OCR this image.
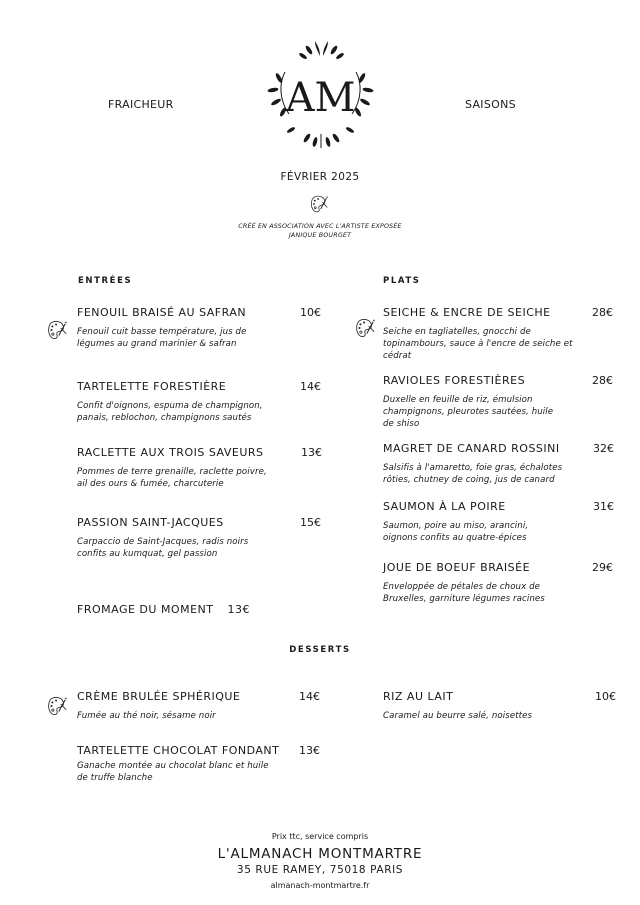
FRAICHEUR	SAISONS
AM
FÉVRIER 2025
CRÉÉ EN ASSOCIATION AVEC L'ARTISTE EXPOSÉE
JANIQUE BOURGET
ENTRÉES	PLATS
DESSERTS
FENOUIL BRAISÉ AU SAFRAN	10€
Fenouil cuit basse température, jus de légumes au grand marinier & safran
TARTELETTE FORESTIÈRE	14€
Confit d'oignons, espuma de champignon, panais, reblochon, champignons sautés
RACLETTE AUX TROIS SAVEURS	13€
Pommes de terre grenaille, raclette poivre, ail des ours & fumée, charcuterie
PASSION SAINT-JACQUES	15€
Carpaccio de Saint-Jacques, radis noirs confits au kumquat, gel passion
FROMAGE DU MOMENT 13€
SEICHE & ENCRE DE SEICHE	28€
Seiche en tagliatelles, gnocchi de topinambours, sauce à l'encre de seiche et cédrat
RAVIOLES FORESTIÈRES	28€
Duxelle en feuille de riz, émulsion champignons, pleurotes sautées, huile de shiso
MAGRET DE CANARD ROSSINI	32€
Salsifis à l'amaretto, foie gras, échalotes rôties, chutney de coing, jus de canard
SAUMON À LA POIRE	31€
Saumon, poire au miso, arancini, oignons confits au quatre-épices
JOUE DE BOEUF BRAISÉE	29€
Enveloppée de pétales de choux de Bruxelles, garniture légumes racines
CRÈME BRULÉE SPHÉRIQUE	14€
Fumée au thé noir, sésame noir
TARTELETTE CHOCOLAT FONDANT	13€
Ganache montée au chocolat blanc et huile de truffe blanche
RIZ AU LAIT	10€
Caramel au beurre salé, noisettes
Prix ttc, service compris
L'ALMANACH MONTMARTRE
35 RUE RAMEY, 75018 PARIS
almanach-montmartre.fr
